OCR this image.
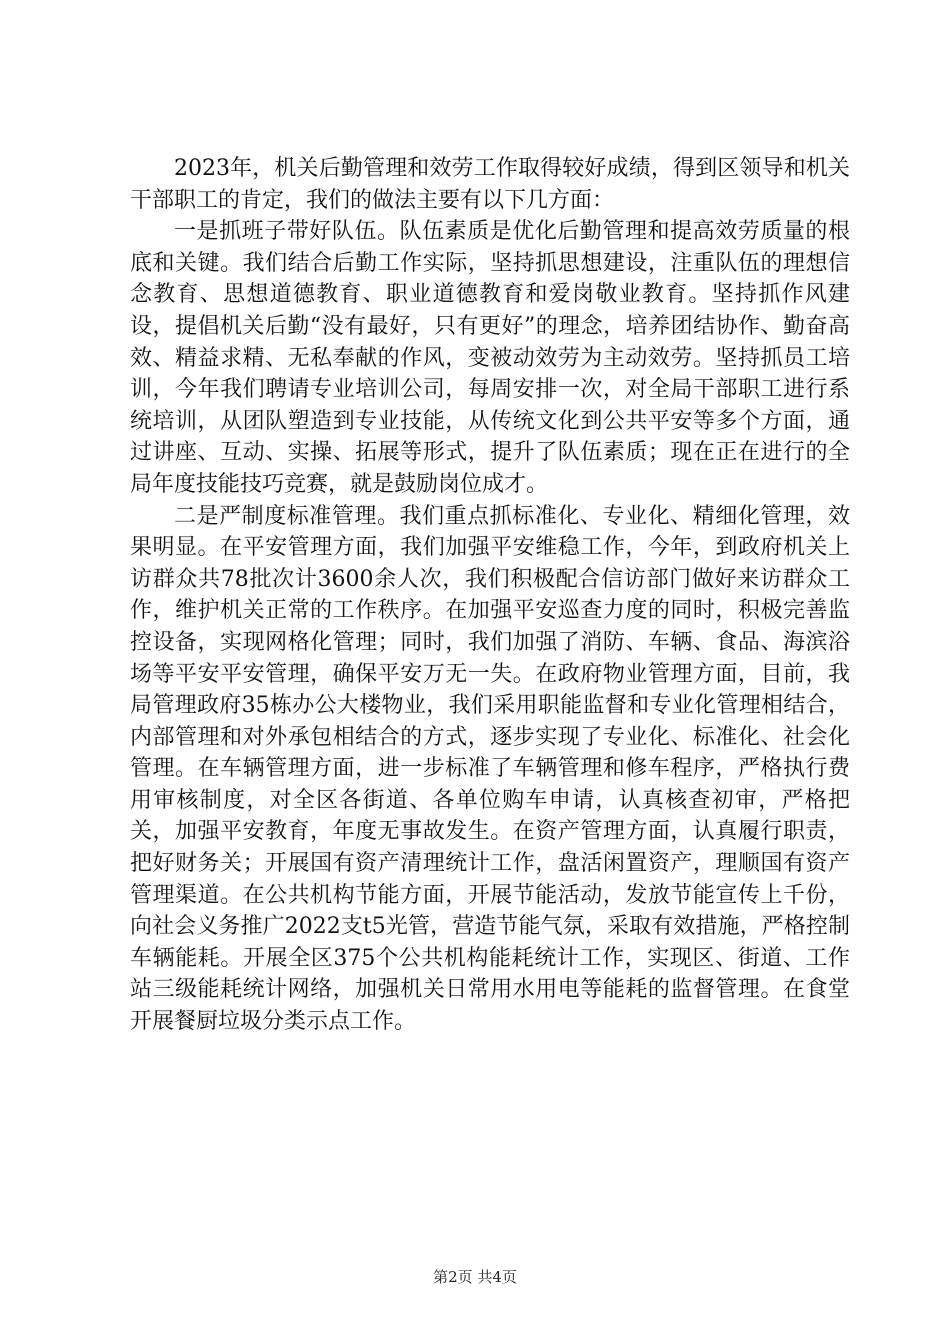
2023年，机关后勤管理和效劳工作取得较好成绩，得到区领导和机关干部职工的肯定，我们的做法主要有以下几方面：

一是抓班子带好队伍。队伍素质是优化后勤管理和提高效劳质量的根底和关键。我们结合后勤工作实际，坚持抓思想建设，注重队伍的理想信念教育、思想道德教育、职业道德教育和爱岗敬业教育。坚持抓作风建设，提倡机关后勤“没有最好，只有更好”的理念，培养团结协作、勤奋高效、精益求精、无私奉献的作风，变被动效劳为主动效劳。坚持抓员工培训，今年我们聘请专业培训公司，每周安排一次，对全局干部职工进行系统培训，从团队塑造到专业技能，从传统文化到公共平安等多个方面，通过讲座、互动、实操、拓展等形式，提升了队伍素质；现在正在进行的全局年度技能技巧竞赛，就是鼓励岗位成才。

二是严制度标准管理。我们重点抓标准化、专业化、精细化管理，效果明显。在平安管理方面，我们加强平安维稳工作，今年，到政府机关上访群众共78批次计3600余人次，我们积极配合信访部门做好来访群众工作，维护机关正常的工作秩序。在加强平安巡查力度的同时，积极完善监控设备，实现网格化管理；同时，我们加强了消防、车辆、食品、海滨浴场等平安平安管理，确保平安万无一失。在政府物业管理方面，目前，我局管理政府35栋办公大楼物业，我们采用职能监督和专业化管理相结合，内部管理和对外承包相结合的方式，逐步实现了专业化、标准化、社会化管理。在车辆管理方面，进一步标准了车辆管理和修车程序，严格执行费用审核制度，对全区各街道、各单位购车申请，认真核查初审，严格把关，加强平安教育，年度无事故发生。在资产管理方面，认真履行职责，把好财务关；开展国有资产清理统计工作，盘活闲置资产，理顺国有资产管理渠道。在公共机构节能方面，开展节能活动，发放节能宣传上千份，向社会义务推广2022支t5光管，营造节能气氛，采取有效措施，严格控制车辆能耗。开展全区375个公共机构能耗统计工作，实现区、街道、工作站三级能耗统计网络，加强机关日常用水用电等能耗的监督管理。在食堂开展餐厨垃圾分类示点工作。

第2页 共4页
